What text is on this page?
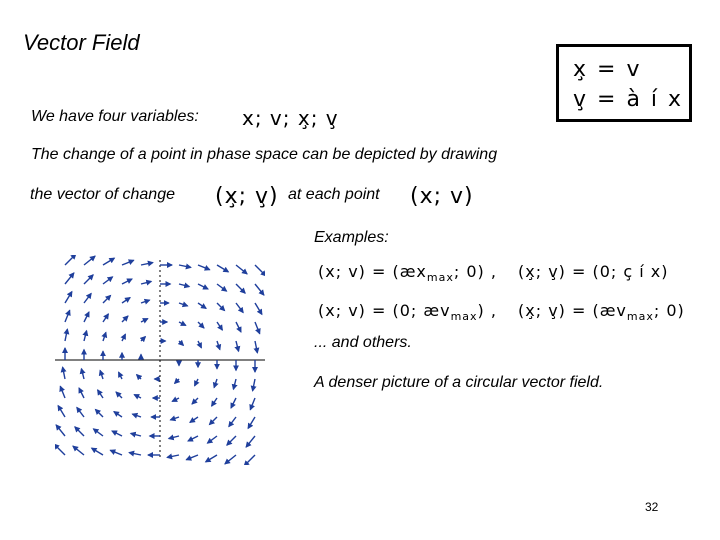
Vector Field
We have four variables: x; v; x̧; v̧
x̧ = v
v̧ = à í x
The change of a point in phase space can be depicted by drawing
the vector of change (x̧; v̧) at each point (x; v)
Examples:
(x; $v) = (æx_{max}$; 0) , (x̧; v̧) = (0; ç í x)
(x; v) = (0; $æv_{max}$) , (x̧; v̧) = ($æv_{max}$; 0)
... and others.
A denser picture of a circular vector field.
32
